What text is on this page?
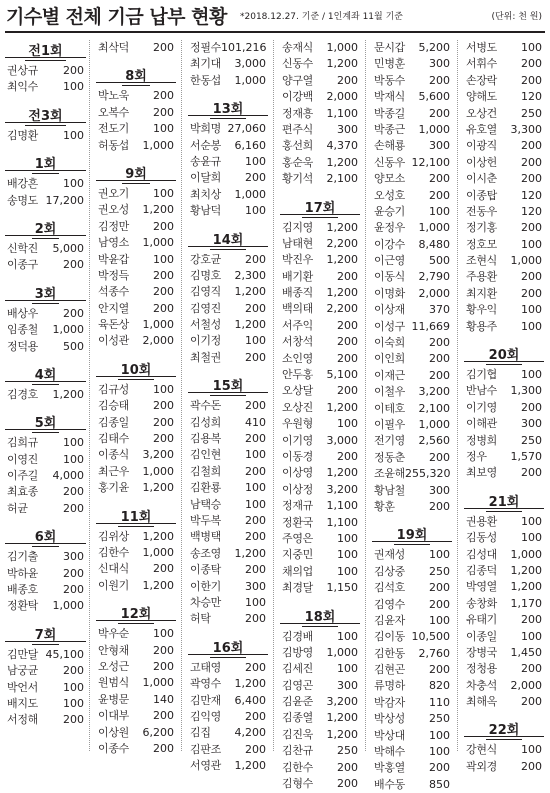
기수별 전체 기금 납부 현황 *2018.12.27. 기준 / 1인계좌 11월 기준	(단위: 천 원)
전1회
권상규 200
최익수 100
전3회
김명환 100
1회
배강흔 100
송명도 17,200
2회
신학진 5,000
이종구 200
3회
배상우 200
임종철 1,000
정덕용 500
4회
김경호 1,200
5회
김희규 100
이영진 100
이주길 4,000
최효종 200
허균	200
6회
김기출 300
박하윤 200
배종호 200
정환탁 1,000
7회
김만달 45,100
남궁균 200
박언서 100
배지도 100
서정해 200
최삭덕 200
8회
박노욱 200
오복수 200
전도기 100
허동섭 1,000
9회
권오기 100
권오성 1,200
김정만 200
남영소 1,000
박윤갑 100
박정득 200
석종수 200
안지열 200
육돈상 1,000
이성관 2,000
10회
김규성 100
김승태 200
김종일 200
김태수 200
이종식 3,200
최근우 1,000
홍기윤 1,200
11회
김위상 1,200
김한수 1,000
신대식 200
이원기 1,200
12회
박우순 100
안형채 200
오성근 200
원범식 1,000
윤병문 140
이대부 200
이상원 6,200
이종수 200
정필수 101,216
최기대 3,000
한동섭 1,000
13회
박희명 27,060
서순봉 6,160
송윤규 100
이달희 200
최치상 1,000
황남덕 100
14회
강호균 200
김명호 2,300
김영직 1,200
김영진 200
서철성 1,200
이기정 100
최철권 200
15회
곽수돈 200
김성희 410
김용복 200
김인현 100
김철희 200
김환룡 100
남택승 100
박두복 200
백병택 200
송조영 1,200
이종탁 200
이한기 300
차승만 100
허탁	200
16회
고태영 200
곽영수 1,200
김만재 6,400
김익영 200
김집 4,200
김판조 200
서영관 1,200
송재식 1,000
신동수 1,200
양구열 200
이강백 2,000
정재흥 1,100
편주식 300
홍선희 4,370
홍순욱 1,200
황기석 2,100
17회
김지영 1,200
남태현 2,200
박진우 1,200
배기환 200
배종직 1,200
백의태 2,200
서주익 200
서창석 200
소인영 200
안두홍 5,100
오상달 200
오상진 1,200
우원형 100
이기영 3,000
이동경 200
이상영 1,200
이상정 3,200
정재규 1,100
정환국 1,100
주영은 100
지중민 100
채의업 100
최경달 1,150
18회
김경배 100
김방영 1,000
김세진 100
김영곤 300
김윤준 3,200
김종열 1,200
김진욱 1,200
김찬규 250
김한수 200
김형수 200
문시갑 5,200
민병훈 300
박동수 200
박재식 5,600
박종길 200
박종근 1,000
손해룡 300
신동우 12,100
양모소 200
오성호 200
윤승기 100
윤정우 1,000
이강수 8,480
이근영 500
이동식 2,790
이명화 2,000
이상재 370
이성구 11,669
이숙희 200
이인희 200
이재근 200
이철우 3,200
이테호 2,100
이필우 1,000
전기영 2,560
정동춘 200
조윤해 255,320
황남철 300
황훈	200
19회
권재성 100
김상중 250
김석호 200
김영수 200
김윤자 100
김이동 10,500
김한동 2,760
김현곤 200
류명하 820
박감자 110
박상성 250
박상대 100
박해수 100
박홍열 200
배수동 850
서병도 100
서휘수 200
손장락 200
양해도 120
오상건 250
유호열 3,300
이광직 200
이상헌 200
이시춘 200
이종탑 120
전동우 120
정기홍 200
정호모 100
조현식 1,000
주용환 200
최지환 200
황우익 100
황용주 100
20회
김기협 100
반남수 1,300
이기영 200
이해관 300
정병희 250
정우 1,570
최보영 200
21회
권용환 100
김동성 100
김성대 1,000
김종덕 1,200
박영열 1,200
송창화 1,170
유태기 200
이종일 100
장병국 1,450
정청용 200
차충석 2,000
최해옥 200
22회
강현식 100
곽외경 200
